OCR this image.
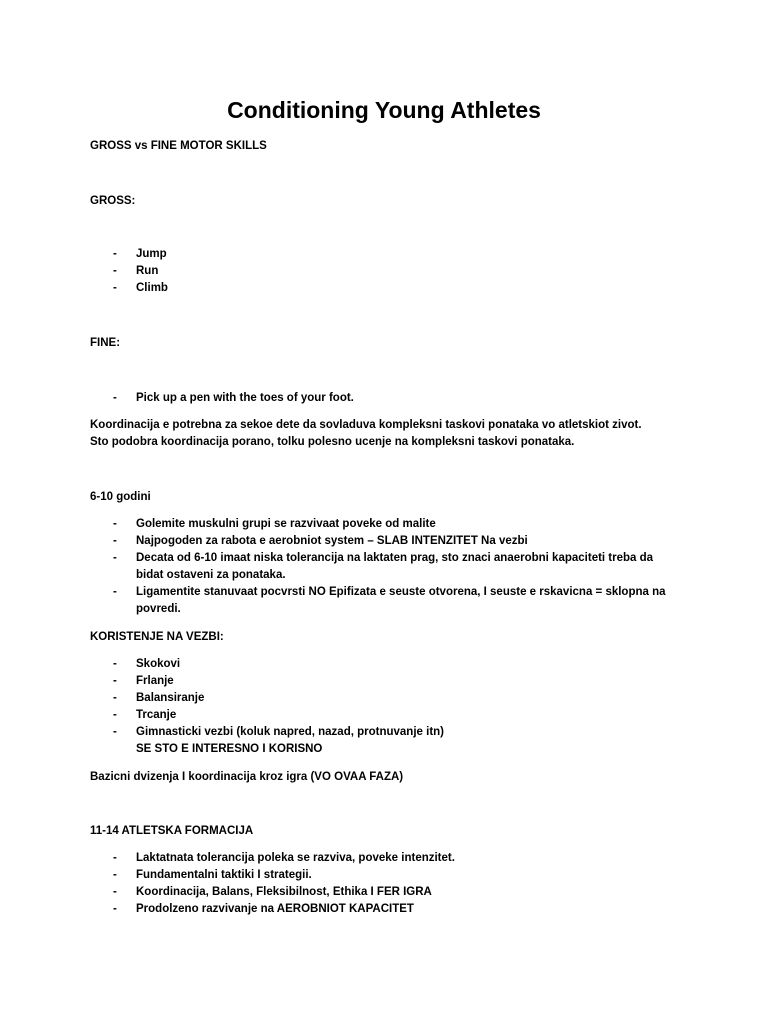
Conditioning Young Athletes
GROSS vs FINE MOTOR SKILLS
GROSS:
- Jump
- Run
- Climb
FINE:
- Pick up a pen with the toes of your foot.
Koordinacija e potrebna za sekoe dete da sovladuva kompleksni taskovi ponataka vo atletskiot zivot. Sto podobra koordinacija porano, tolku polesno ucenje na kompleksni taskovi ponataka.
6-10 godini
- Golemite muskulni grupi se razvivaat poveke od malite
- Najpogoden za rabota e aerobniot system – SLAB INTENZITET Na vezbi
- Decata od 6-10 imaat niska tolerancija na laktaten prag, sto znaci anaerobni kapaciteti treba da bidat ostaveni za ponataka.
- Ligamentite stanuvaat pocvrsti NO Epifizata e seuste otvorena, I seuste e rskavicna = sklopna na povredi.
KORISTENJE NA VEZBI:
- Skokovi
- Frlanje
- Balansiranje
- Trcanje
- Gimnasticki vezbi (koluk napred, nazad, protnuvanje itn)
SE STO E INTERESNO I KORISNO
Bazicni dvizenja I koordinacija kroz igra (VO OVAA FAZA)
11-14 ATLETSKA FORMACIJA
- Laktatnata tolerancija poleka se razviva, poveke intenzitet.
- Fundamentalni taktiki I strategii.
- Koordinacija, Balans, Fleksibilnost, Ethika I FER IGRA
- Prodolzeno razvivanje na AEROBNIOT KAPACITET
